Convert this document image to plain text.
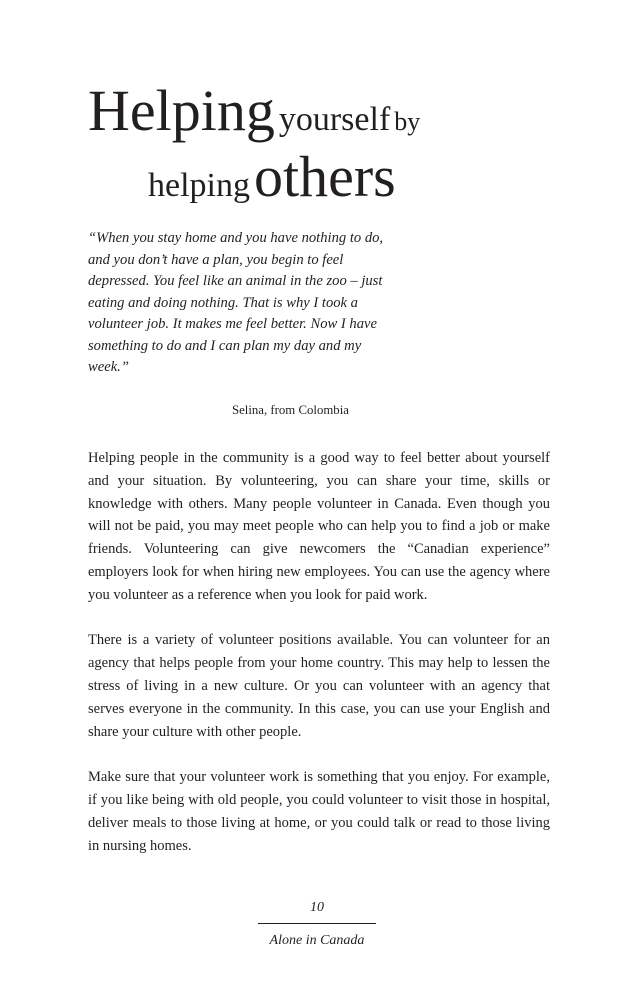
Helping yourself by
helping others

“When you stay home and you have nothing to do, and you don’t have a plan, you begin to feel depressed. You feel like an animal in the zoo – just eating and doing nothing. That is why I took a volunteer job. It makes me feel better. Now I have something to do and I can plan my day and my week.”

Selina, from Colombia

Helping people in the community is a good way to feel better about yourself and your situation. By volunteering, you can share your time, skills or knowledge with others. Many people volunteer in Canada. Even though you will not be paid, you may meet people who can help you to find a job or make friends. Volunteering can give newcomers the “Canadian experience” employers look for when hiring new employees. You can use the agency where you volunteer as a reference when you look for paid work.

There is a variety of volunteer positions available. You can volunteer for an agency that helps people from your home country. This may help to lessen the stress of living in a new culture. Or you can volunteer with an agency that serves everyone in the community. In this case, you can use your English and share your culture with other people.

Make sure that your volunteer work is something that you enjoy. For example, if you like being with old people, you could volunteer to visit those in hospital, deliver meals to those living at home, or you could talk or read to those living in nursing homes.

10
Alone in Canada
